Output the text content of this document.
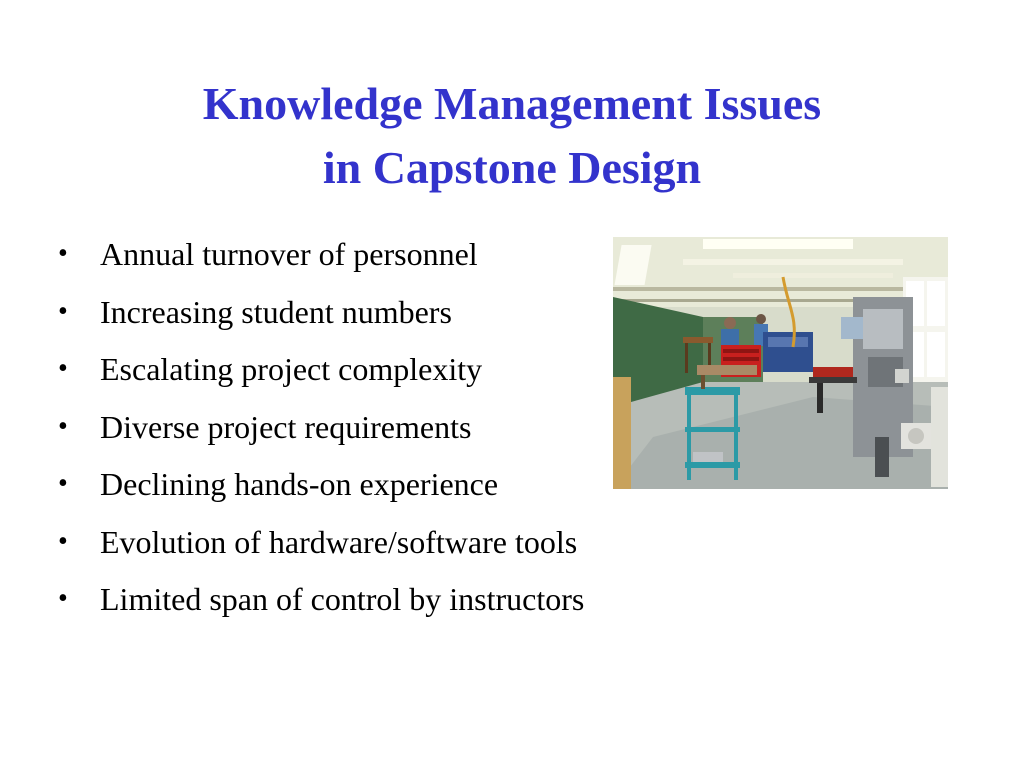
Knowledge Management Issues
in Capstone Design
• Annual turnover of personnel
• Increasing student numbers
• Escalating project complexity
• Diverse project requirements
• Declining hands-on experience
• Evolution of hardware/software tools
• Limited span of control by instructors
